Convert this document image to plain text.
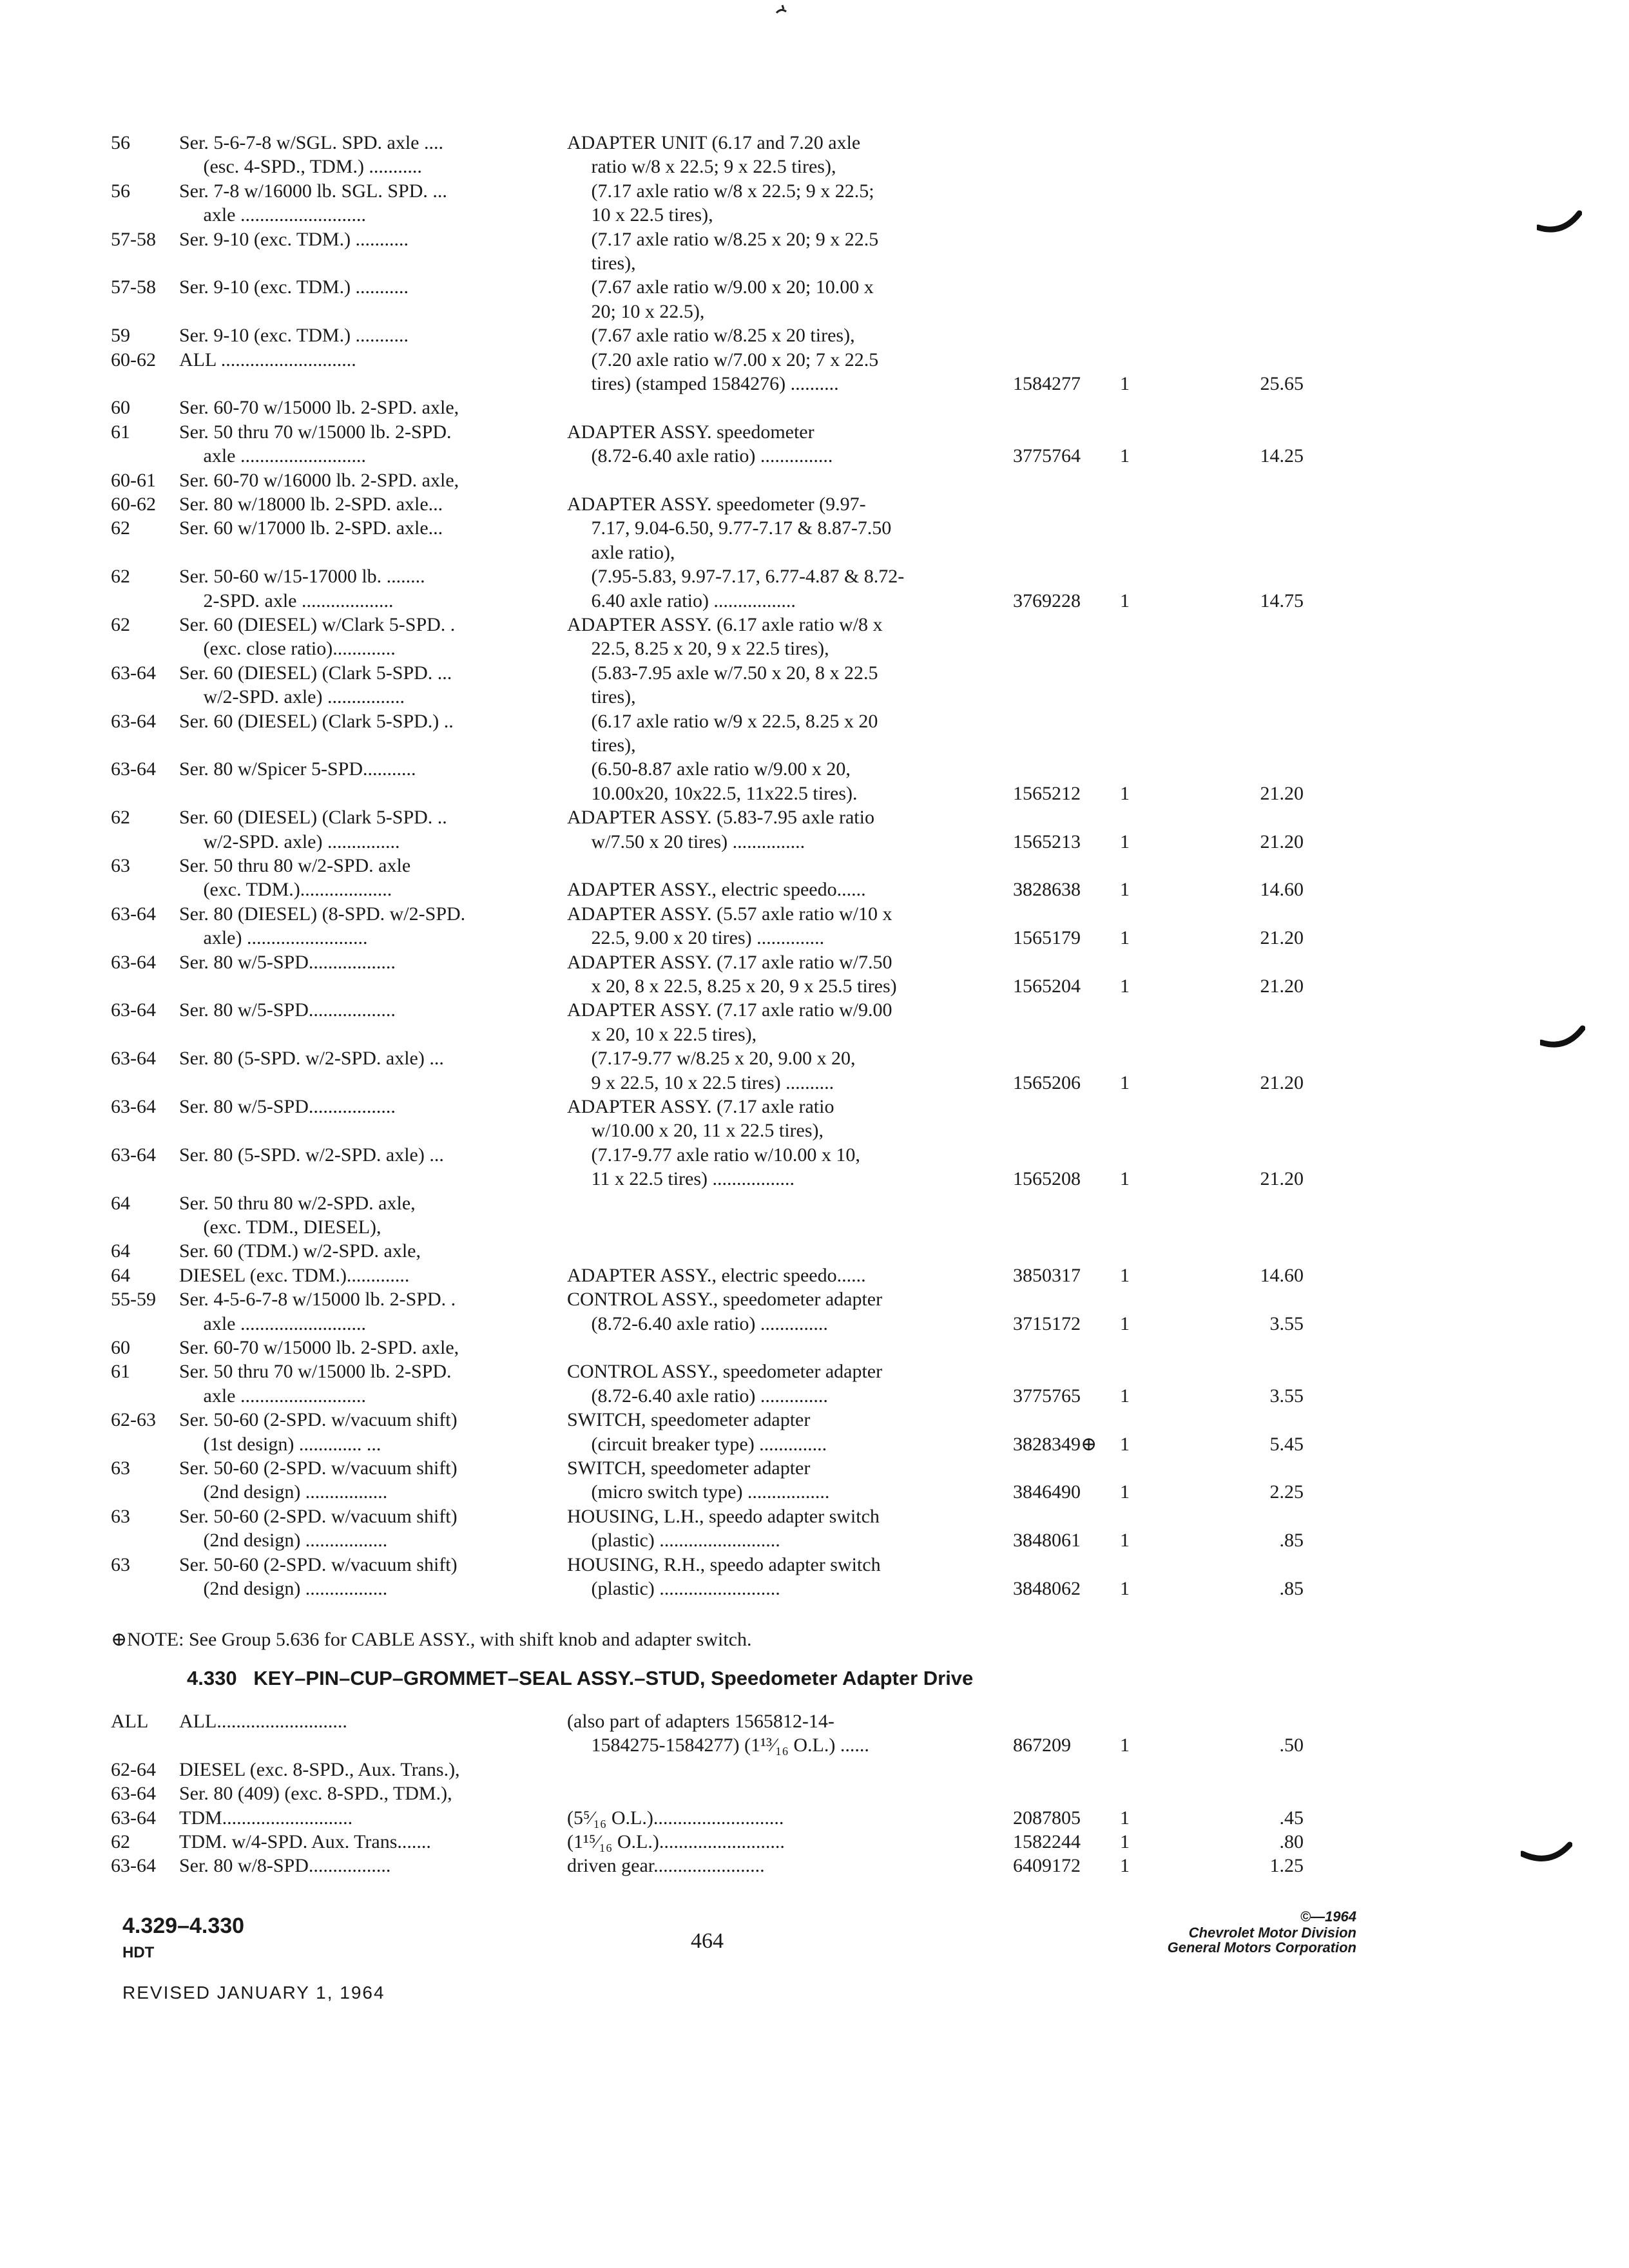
56	Ser. 5-6-7-8 w/SGL. SPD. axle ....	ADAPTER UNIT (6.17 and 7.20 axle
(esc. 4-SPD., TDM.) ...........	ratio w/8 x 22.5; 9 x 22.5 tires),
56	Ser. 7-8 w/16000 lb. SGL. SPD. ...	(7.17 axle ratio w/8 x 22.5; 9 x 22.5;
axle ..........................	10 x 22.5 tires),
57-58 Ser. 9-10 (exc. TDM.) ...........	(7.17 axle ratio w/8.25 x 20; 9 x 22.5
tires),
57-58 Ser. 9-10 (exc. TDM.) ...........	(7.67 axle ratio w/9.00 x 20; 10.00 x
20; 10 x 22.5),
59	Ser. 9-10 (exc. TDM.) ...........	(7.67 axle ratio w/8.25 x 20 tires),
60-62 ALL ............................	(7.20 axle ratio w/7.00 x 20; 7 x 22.5
tires) (stamped 1584276) ..........	1584277 1	25.65
60	Ser. 60-70 w/15000 lb. 2-SPD. axle,
61	Ser. 50 thru 70 w/15000 lb. 2-SPD.	ADAPTER ASSY. speedometer
axle ..........................	(8.72-6.40 axle ratio) ...............	3775764 1	14.25
60-61 Ser. 60-70 w/16000 lb. 2-SPD. axle,
60-62 Ser. 80 w/18000 lb. 2-SPD. axle...	ADAPTER ASSY. speedometer (9.97-
62	Ser. 60 w/17000 lb. 2-SPD. axle...	7.17, 9.04-6.50, 9.77-7.17 & 8.87-7.50
axle ratio),
62	Ser. 50-60 w/15-17000 lb. ........	(7.95-5.83, 9.97-7.17, 6.77-4.87 & 8.72-
2-SPD. axle ...................	6.40 axle ratio) .................	3769228 1	14.75
62	Ser. 60 (DIESEL) w/Clark 5-SPD. .	ADAPTER ASSY. (6.17 axle ratio w/8 x
(exc. close ratio).............	22.5, 8.25 x 20, 9 x 22.5 tires),
63-64 Ser. 60 (DIESEL) (Clark 5-SPD. ...	(5.83-7.95 axle w/7.50 x 20, 8 x 22.5
w/2-SPD. axle) ................	tires),
63-64 Ser. 60 (DIESEL) (Clark 5-SPD.) ..	(6.17 axle ratio w/9 x 22.5, 8.25 x 20
tires),
63-64 Ser. 80 w/Spicer 5-SPD...........	(6.50-8.87 axle ratio w/9.00 x 20,
10.00x20, 10x22.5, 11x22.5 tires).	1565212 1	21.20
62	Ser. 60 (DIESEL) (Clark 5-SPD. ..	ADAPTER ASSY. (5.83-7.95 axle ratio
w/2-SPD. axle) ...............	w/7.50 x 20 tires) ...............	1565213 1	21.20
63	Ser. 50 thru 80 w/2-SPD. axle
(exc. TDM.)...................	ADAPTER ASSY., electric speedo......	3828638 1	14.60
63-64 Ser. 80 (DIESEL) (8-SPD. w/2-SPD.	ADAPTER ASSY. (5.57 axle ratio w/10 x
axle) .........................	22.5, 9.00 x 20 tires) ..............	1565179 1	21.20
63-64 Ser. 80 w/5-SPD..................	ADAPTER ASSY. (7.17 axle ratio w/7.50
x 20, 8 x 22.5, 8.25 x 20, 9 x 25.5 tires)	1565204 1	21.20
63-64 Ser. 80 w/5-SPD..................	ADAPTER ASSY. (7.17 axle ratio w/9.00
x 20, 10 x 22.5 tires),
63-64 Ser. 80 (5-SPD. w/2-SPD. axle) ...	(7.17-9.77 w/8.25 x 20, 9.00 x 20,
9 x 22.5, 10 x 22.5 tires) ..........	1565206 1	21.20
63-64 Ser. 80 w/5-SPD..................	ADAPTER ASSY. (7.17 axle ratio
w/10.00 x 20, 11 x 22.5 tires),
63-64 Ser. 80 (5-SPD. w/2-SPD. axle) ...	(7.17-9.77 axle ratio w/10.00 x 10,
11 x 22.5 tires) .................	1565208 1	21.20
64	Ser. 50 thru 80 w/2-SPD. axle,
(exc. TDM., DIESEL),
64	Ser. 60 (TDM.) w/2-SPD. axle,
64	DIESEL (exc. TDM.).............	ADAPTER ASSY., electric speedo......	3850317 1	14.60
55-59 Ser. 4-5-6-7-8 w/15000 lb. 2-SPD. .	CONTROL ASSY., speedometer adapter
axle ..........................	(8.72-6.40 axle ratio) ..............	3715172 1	3.55
60	Ser. 60-70 w/15000 lb. 2-SPD. axle,
61	Ser. 50 thru 70 w/15000 lb. 2-SPD.	CONTROL ASSY., speedometer adapter
axle ..........................	(8.72-6.40 axle ratio) ..............	3775765 1	3.55
62-63 Ser. 50-60 (2-SPD. w/vacuum shift)	SWITCH, speedometer adapter
(1st design) ............. ...	(circuit breaker type) ..............	3828349⊕ 1	5.45
63	Ser. 50-60 (2-SPD. w/vacuum shift)	SWITCH, speedometer adapter
(2nd design) .................	(micro switch type) .................	3846490 1	2.25
63	Ser. 50-60 (2-SPD. w/vacuum shift)	HOUSING, L.H., speedo adapter switch
(2nd design) .................	(plastic) .........................	3848061 1	.85
63	Ser. 50-60 (2-SPD. w/vacuum shift)	HOUSING, R.H., speedo adapter switch
(2nd design) .................	(plastic) .........................	3848062 1	.85
⊕NOTE: See Group 5.636 for CABLE ASSY., with shift knob and adapter switch.
4.330   KEY–PIN–CUP–GROMMET–SEAL ASSY.–STUD, Speedometer Adapter Drive
ALL ALL...........................	(also part of adapters 1565812-14-
1584275-1584277) (1¹³⁄₁₆ O.L.) ......	867209	1	.50
62-64 DIESEL (exc. 8-SPD., Aux. Trans.),
63-64 Ser. 80 (409) (exc. 8-SPD., TDM.),
63-64 TDM...........................	(5⁵⁄₁₆ O.L.)...........................	2087805 1	.45
62	TDM. w/4-SPD. Aux. Trans.......	(1¹⁵⁄₁₆ O.L.)..........................	1582244 1	.80
63-64 Ser. 80 w/8-SPD.................	driven gear.......................	6409172 1	1.25
4.329–4.330
HDT
REVISED JANUARY 1, 1964
464
©—1964
Chevrolet Motor Division
General Motors Corporation
